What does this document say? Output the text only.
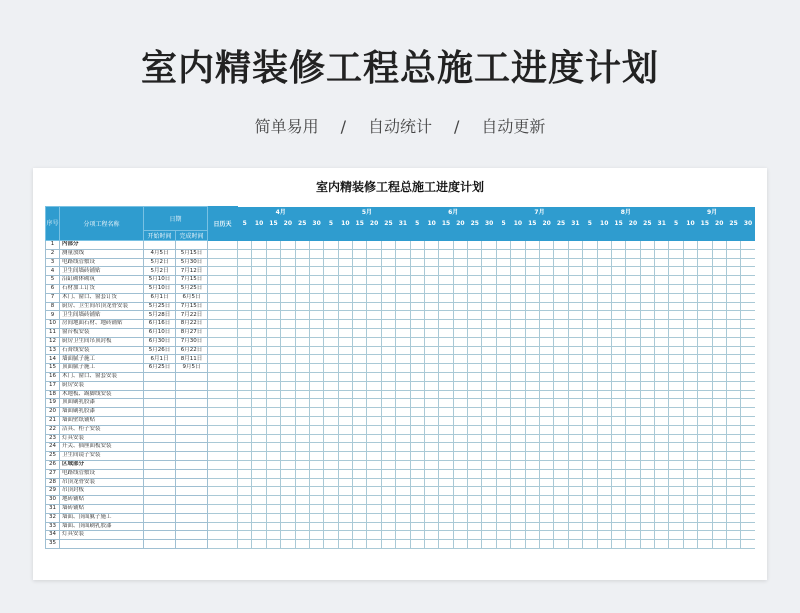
室内精装修工程总施工进度计划
简单易用 / 自动统计 / 自动更新
室内精装修工程总施工进度计划
序号	分项工程名称	日期			4月						5月						6月						7月						8月						9月					
				日历天	5	10	15	20	25	30	5	10	15	20	25	31	5	10	15	20	25	30	5	10	15	20	25	31	5	10	15	20	25	31	5	10	15	20	25	30
		开始时间	完成时间																																					
1	内部分																																							
2	测量放线	4月5日	5月15日																																					
3	电路线管敷设	5月2日	5月30日																																					
4	卫生间墙砖铺贴	5月2日	7月12日																																					
5	沿缸砌体砌筑	5月10日	7月15日																																					
6	石材加工订货	5月10日	5月25日																																					
7	木门、窗口、窗套订货	6月1日	6月5日																																					
8	厨房、卫生间吊顶龙骨安装	5月25日	7月15日																																					
9	卫生间墙砖铺贴	5月28日	7月22日																																					
10	房间地面石材、地砖铺贴	6月16日	8月22日																																					
11	窗台板安装	6月10日	8月27日																																					
12	厨房卫生间吊顶封板	6月30日	7月30日																																					
13	石膏线安装	5月26日	6月22日																																					
14	墙面腻子施工	6月1日	8月11日																																					
15	顶面腻子施工	6月25日	9月5日																																					
16	木门、窗口、窗套安装																																							
17	厨房安装																																							
18	木地板、踢脚线安装																																							
19	顶面刷乳胶漆																																							
20	墙面刷乳胶漆																																							
21	墙面壁纸铺贴																																							
22	洁具、柜子安装																																							
23	灯具安装																																							
24	开关、插座面板安装																																							
25	卫生间镜子安装																																							
26	区域部分																																							
27	电路线管敷设																																							
28	吊顶龙骨安装																																							
29	吊顶封板																																							
30	地砖铺贴																																							
31	墙砖铺贴																																							
32	墙面、顶面腻子施工																																							
33	墙面、顶面刷乳胶漆																																							
34	灯具安装																																							
35																																								
